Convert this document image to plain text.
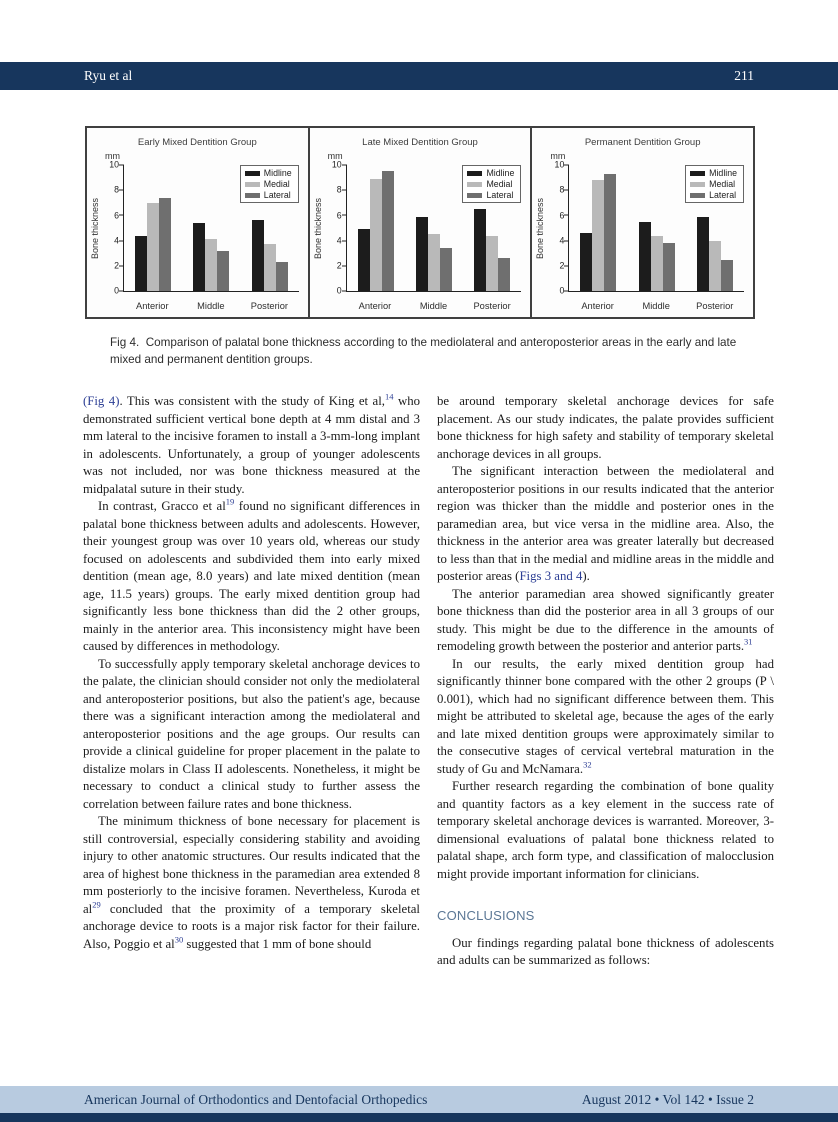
Ryu et al	211
Early Mixed Dentition Group
mm
Bone thickness
0
2
4
6
8
10
Midline
Medial
Lateral
Anterior	Middle	Posterior
Late Mixed Dentition Group
mm
Bone thickness
0
2
4
6
8
10
Midline
Medial
Lateral
Anterior	Middle	Posterior
Permanent Dentition Group
mm
Bone thickness
0
2
4
6
8
10
Midline
Medial
Lateral
Anterior	Middle	Posterior
Fig 4. Comparison of palatal bone thickness according to the mediolateral and anteroposterior areas in the early and late mixed and permanent dentition groups.

(Fig 4). This was consistent with the study of King et al,$^{14}$ who demonstrated sufficient vertical bone depth at 4 mm distal and 3 mm lateral to the incisive foramen to install a 3-mm-long implant in adolescents. Unfortunately, a group of younger adolescents was not included, nor was bone thickness measured at the midpalatal suture in their study.

In contrast, Gracco et al$^{19}$ found no significant differences in palatal bone thickness between adults and adolescents. However, their youngest group was over 10 years old, whereas our study focused on adolescents and subdivided them into early mixed dentition (mean age, 8.0 years) and late mixed dentition (mean age, 11.5 years) groups. The early mixed dentition group had significantly less bone thickness than did the 2 other groups, mainly in the anterior area. This inconsistency might have been caused by differences in methodology.

To successfully apply temporary skeletal anchorage devices to the palate, the clinician should consider not only the mediolateral and anteroposterior positions, but also the patient's age, because there was a significant interaction among the mediolateral and anteroposterior positions and the age groups. Our results can provide a clinical guideline for proper placement in the palate to distalize molars in Class II adolescents. Nonetheless, it might be necessary to conduct a clinical study to further assess the correlation between failure rates and bone thickness.

The minimum thickness of bone necessary for placement is still controversial, especially considering stability and avoiding injury to other anatomic structures. Our results indicated that the area of highest bone thickness in the paramedian area extended 8 mm posteriorly to the incisive foramen. Nevertheless, Kuroda et al$^{29}$ concluded that the proximity of a temporary skeletal anchorage device to roots is a major risk factor for their failure. Also, Poggio et al$^{30}$ suggested that 1 mm of bone should

be around temporary skeletal anchorage devices for safe placement. As our study indicates, the palate provides sufficient bone thickness for high safety and stability of temporary skeletal anchorage devices in all groups.

The significant interaction between the mediolateral and anteroposterior positions in our results indicated that the anterior region was thicker than the middle and posterior ones in the paramedian area, but vice versa in the midline area. Also, the thickness in the anterior area was greater laterally but decreased to less than that in the medial and midline areas in the middle and posterior areas (Figs 3 and 4).

The anterior paramedian area showed significantly greater bone thickness than did the posterior area in all 3 groups of our study. This might be due to the difference in the amounts of remodeling growth between the posterior and anterior parts.$^{31}$

In our results, the early mixed dentition group had significantly thinner bone compared with the other 2 groups (P \ 0.001), which had no significant difference between them. This might be attributed to skeletal age, because the ages of the early and late mixed dentition groups were approximately similar to the consecutive stages of cervical vertebral maturation in the study of Gu and McNamara.$^{32}$

Further research regarding the combination of bone quality and quantity factors as a key element in the success rate of temporary skeletal anchorage devices is warranted. Moreover, 3-dimensional evaluations of palatal bone thickness related to palatal shape, arch form type, and classification of malocclusion might provide important information for clinicians.

CONCLUSIONS

Our findings regarding palatal bone thickness of adolescents and adults can be summarized as follows:

American Journal of Orthodontics and Dentofacial Orthopedics	August 2012 • Vol 142 • Issue 2
